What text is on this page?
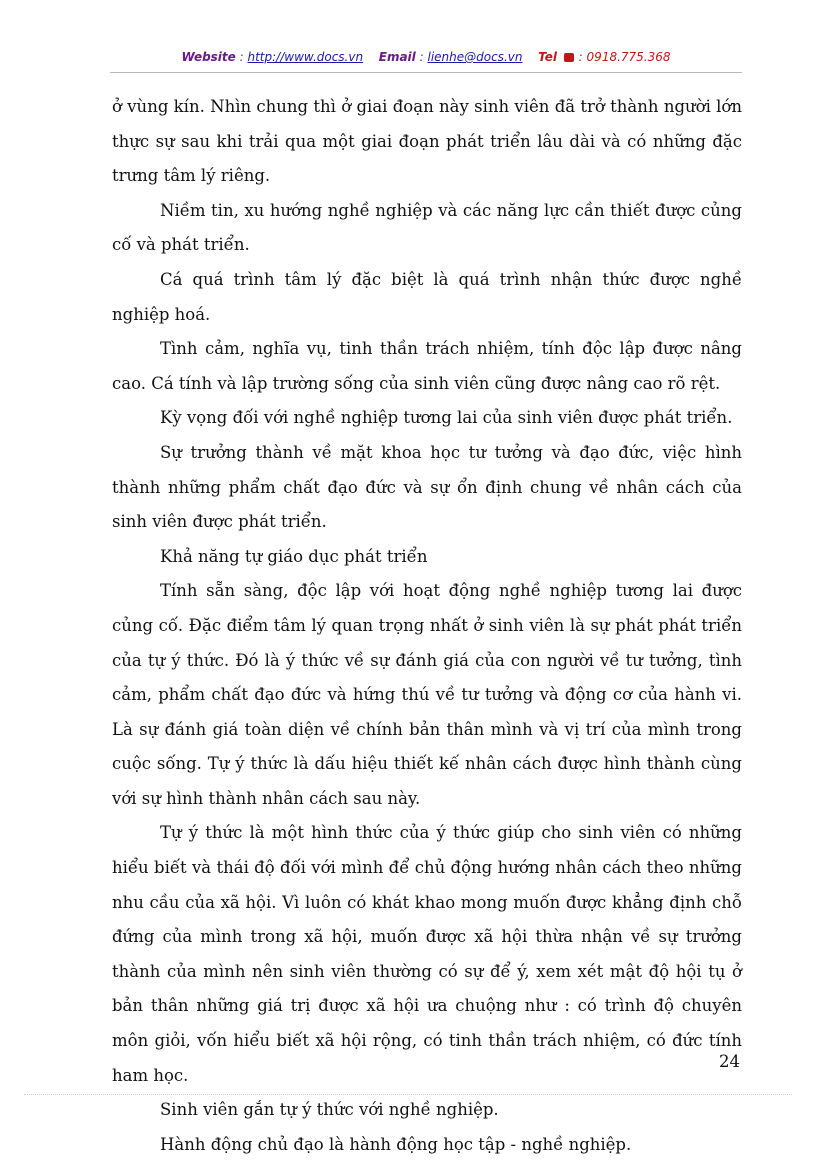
Website : http://www.docs.vn Email : lienhe@docs.vn Tel : 0918.775.368

ở vùng kín. Nhìn chung thì ở giai đoạn này sinh viên đã trở thành người lớn thực sự sau khi trải qua một giai đoạn phát triển lâu dài và có những đặc trưng tâm lý riêng.

Niềm tin, xu hướng nghề nghiệp và các năng lực cần thiết được củng cố và phát triển.

Cá quá trình tâm lý đặc biệt là quá trình nhận thức được nghề nghiệp hoá.

Tình cảm, nghĩa vụ, tinh thần trách nhiệm, tính độc lập được nâng cao. Cá tính và lập trường sống của sinh viên cũng được nâng cao rõ rệt.

Kỳ vọng đối với nghề nghiệp tương lai của sinh viên được phát triển.

Sự trưởng thành về mặt khoa học tư tưởng và đạo đức, việc hình thành những phẩm chất đạo đức và sự ổn định chung về nhân cách của sinh viên được phát triển.

Khả năng tự giáo dục phát triển

Tính sẵn sàng, độc lập với hoạt động nghề nghiệp tương lai được củng cố. Đặc điểm tâm lý quan trọng nhất ở sinh viên là sự phát phát triển của tự ý thức. Đó là ý thức về sự đánh giá của con người về tư tưởng, tình cảm, phẩm chất đạo đức và hứng thú về tư tưởng và động cơ của hành vi. Là sự đánh giá toàn diện về chính bản thân mình và vị trí của mình trong cuộc sống. Tự ý thức là dấu hiệu thiết kế nhân cách được hình thành cùng với sự hình thành nhân cách sau này.

Tự ý thức là một hình thức của ý thức giúp cho sinh viên có những hiểu biết và thái độ đối với mình để chủ động hướng nhân cách theo những nhu cầu của xã hội. Vì luôn có khát khao mong muốn được khẳng định chỗ đứng của mình trong xã hội, muốn được xã hội thừa nhận về sự trưởng thành của mình nên sinh viên thường có sự để ý, xem xét mật độ hội tụ ở bản thân những giá trị được xã hội ưa chuộng như : có trình độ chuyên môn giỏi, vốn hiểu biết xã hội rộng, có tinh thần trách nhiệm, có đức tính ham học.

Sinh viên gắn tự ý thức với nghề nghiệp.

Hành động chủ đạo là hành động học tập - nghề nghiệp.

24
